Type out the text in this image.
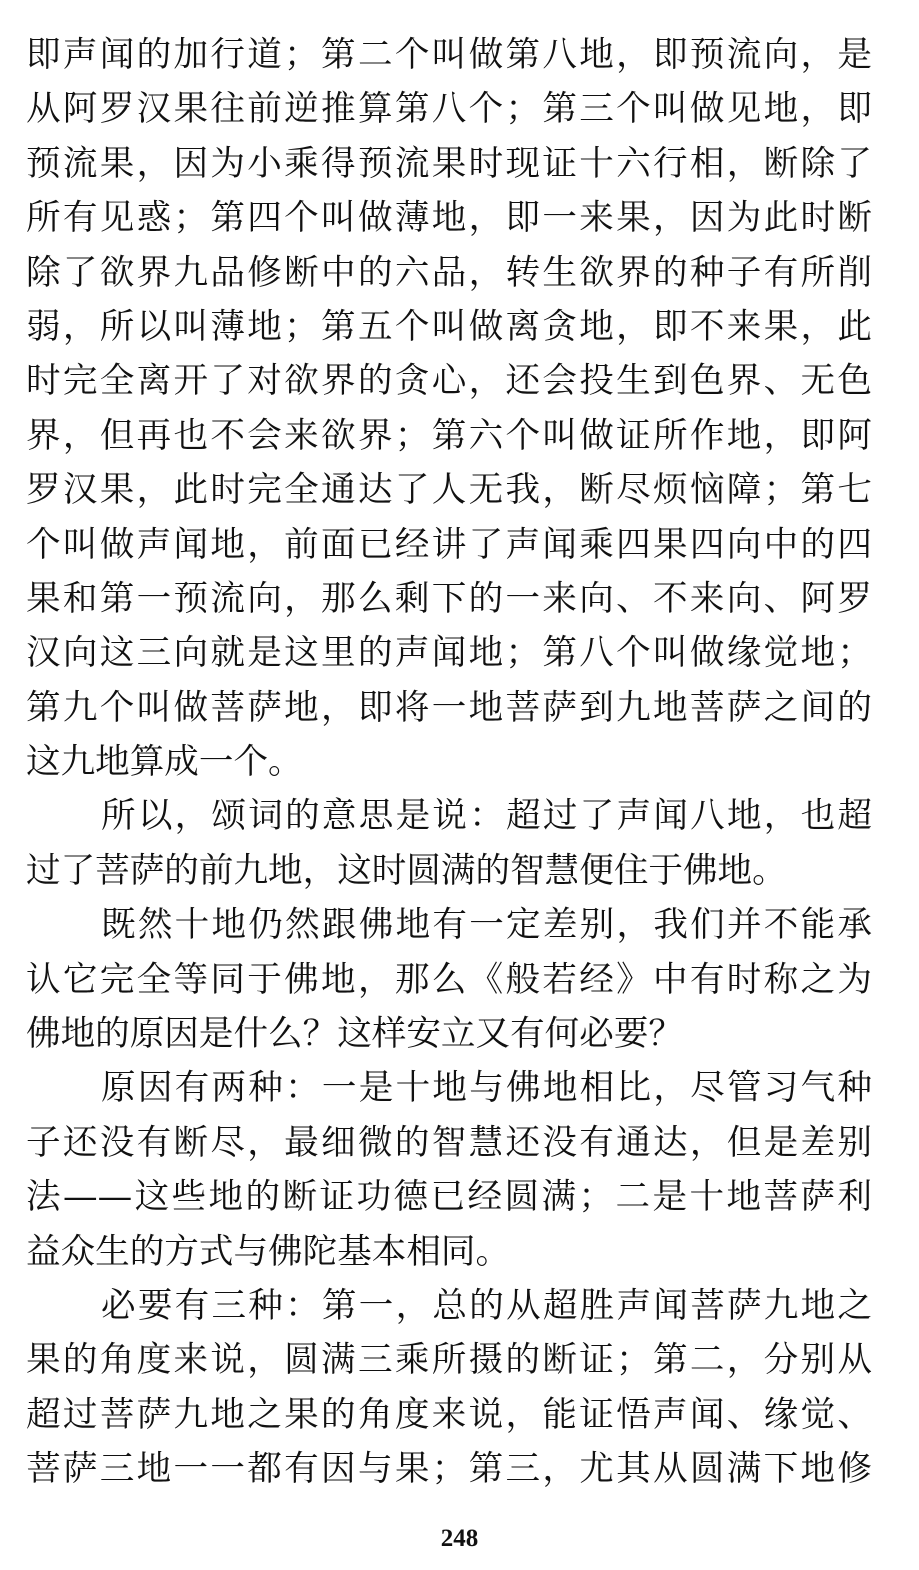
即声闻的加行道；第二个叫做第八地，即预流向，是
从阿罗汉果往前逆推算第八个；第三个叫做见地，即
预流果，因为小乘得预流果时现证十六行相，断除了
所有见惑；第四个叫做薄地，即一来果，因为此时断
除了欲界九品修断中的六品，转生欲界的种子有所削
弱，所以叫薄地；第五个叫做离贪地，即不来果，此
时完全离开了对欲界的贪心，还会投生到色界、无色
界，但再也不会来欲界；第六个叫做证所作地，即阿
罗汉果，此时完全通达了人无我，断尽烦恼障；第七
个叫做声闻地，前面已经讲了声闻乘四果四向中的四
果和第一预流向，那么剩下的一来向、不来向、阿罗
汉向这三向就是这里的声闻地；第八个叫做缘觉地；
第九个叫做菩萨地，即将一地菩萨到九地菩萨之间的
这九地算成一个。
所以，颂词的意思是说：超过了声闻八地，也超
过了菩萨的前九地，这时圆满的智慧便住于佛地。
既然十地仍然跟佛地有一定差别，我们并不能承
认它完全等同于佛地，那么《般若经》中有时称之为
佛地的原因是什么？这样安立又有何必要？
原因有两种：一是十地与佛地相比，尽管习气种
子还没有断尽，最细微的智慧还没有通达，但是差别
法——这些地的断证功德已经圆满；二是十地菩萨利
益众生的方式与佛陀基本相同。
必要有三种：第一，总的从超胜声闻菩萨九地之
果的角度来说，圆满三乘所摄的断证；第二，分别从
超过菩萨九地之果的角度来说，能证悟声闻、缘觉、
菩萨三地一一都有因与果；第三，尤其从圆满下地修
248
